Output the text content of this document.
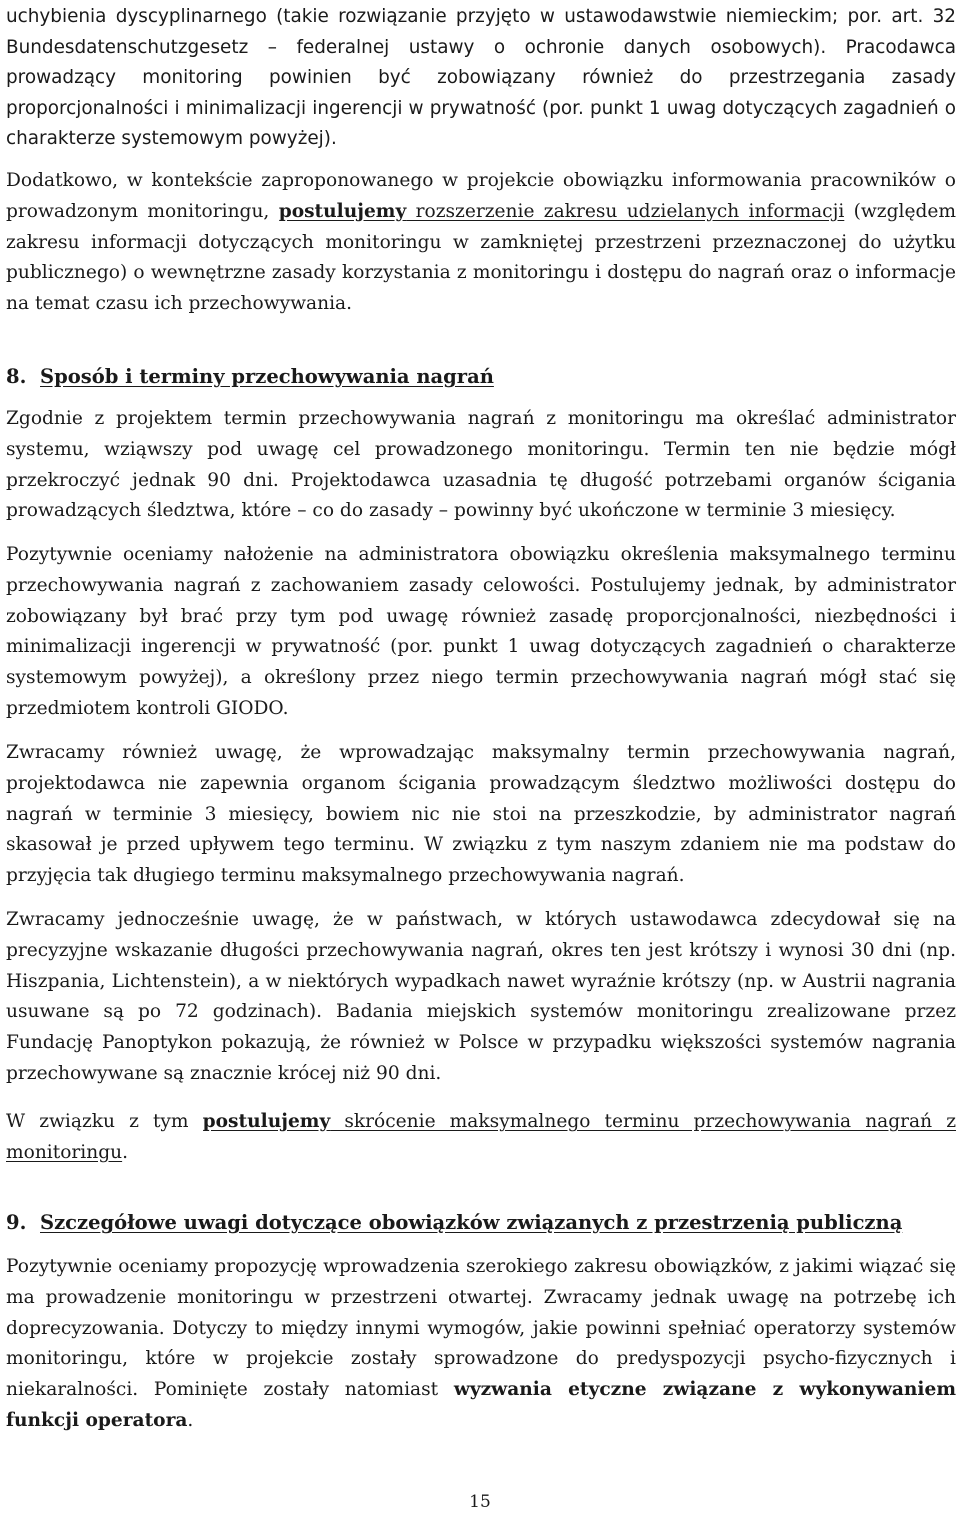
uchybienia dyscyplinarnego (takie rozwiązanie przyjęto w ustawodawstwie niemieckim; por. art. 32 Bundesdatenschutzgesetz – federalnej ustawy o ochronie danych osobowych). Pracodawca prowadzący monitoring powinien być zobowiązany również do przestrzegania zasady proporcjonalności i minimalizacji ingerencji w prywatność (por. punkt 1 uwag dotyczących zagadnień o charakterze systemowym powyżej).

Dodatkowo, w kontekście zaproponowanego w projekcie obowiązku informowania pracowników o prowadzonym monitoringu, postulujemy rozszerzenie zakresu udzielanych informacji (względem zakresu informacji dotyczących monitoringu w zamkniętej przestrzeni przeznaczonej do użytku publicznego) o wewnętrzne zasady korzystania z monitoringu i dostępu do nagrań oraz o informacje na temat czasu ich przechowywania.

8. Sposób i terminy przechowywania nagrań

Zgodnie z projektem termin przechowywania nagrań z monitoringu ma określać administrator systemu, wziąwszy pod uwagę cel prowadzonego monitoringu. Termin ten nie będzie mógł przekroczyć jednak 90 dni. Projektodawca uzasadnia tę długość potrzebami organów ścigania prowadzących śledztwa, które – co do zasady – powinny być ukończone w terminie 3 miesięcy.

Pozytywnie oceniamy nałożenie na administratora obowiązku określenia maksymalnego terminu przechowywania nagrań z zachowaniem zasady celowości. Postulujemy jednak, by administrator zobowiązany był brać przy tym pod uwagę również zasadę proporcjonalności, niezbędności i minimalizacji ingerencji w prywatność (por. punkt 1 uwag dotyczących zagadnień o charakterze systemowym powyżej), a określony przez niego termin przechowywania nagrań mógł stać się przedmiotem kontroli GIODO.

Zwracamy również uwagę, że wprowadzając maksymalny termin przechowywania nagrań, projektodawca nie zapewnia organom ścigania prowadzącym śledztwo możliwości dostępu do nagrań w terminie 3 miesięcy, bowiem nic nie stoi na przeszkodzie, by administrator nagrań skasował je przed upływem tego terminu. W związku z tym naszym zdaniem nie ma podstaw do przyjęcia tak długiego terminu maksymalnego przechowywania nagrań.

Zwracamy jednocześnie uwagę, że w państwach, w których ustawodawca zdecydował się na precyzyjne wskazanie długości przechowywania nagrań, okres ten jest krótszy i wynosi 30 dni (np. Hiszpania, Lichtenstein), a w niektórych wypadkach nawet wyraźnie krótszy (np. w Austrii nagrania usuwane są po 72 godzinach). Badania miejskich systemów monitoringu zrealizowane przez Fundację Panoptykon pokazują, że również w Polsce w przypadku większości systemów nagrania przechowywane są znacznie krócej niż 90 dni.

W związku z tym postulujemy skrócenie maksymalnego terminu przechowywania nagrań z monitoringu.

9. Szczegółowe uwagi dotyczące obowiązków związanych z przestrzenią publiczną

Pozytywnie oceniamy propozycję wprowadzenia szerokiego zakresu obowiązków, z jakimi wiązać się ma prowadzenie monitoringu w przestrzeni otwartej. Zwracamy jednak uwagę na potrzebę ich doprecyzowania. Dotyczy to między innymi wymogów, jakie powinni spełniać operatorzy systemów monitoringu, które w projekcie zostały sprowadzone do predyspozycji psycho-fizycznych i niekaralności. Pominięte zostały natomiast wyzwania etyczne związane z wykonywaniem funkcji operatora.

15
